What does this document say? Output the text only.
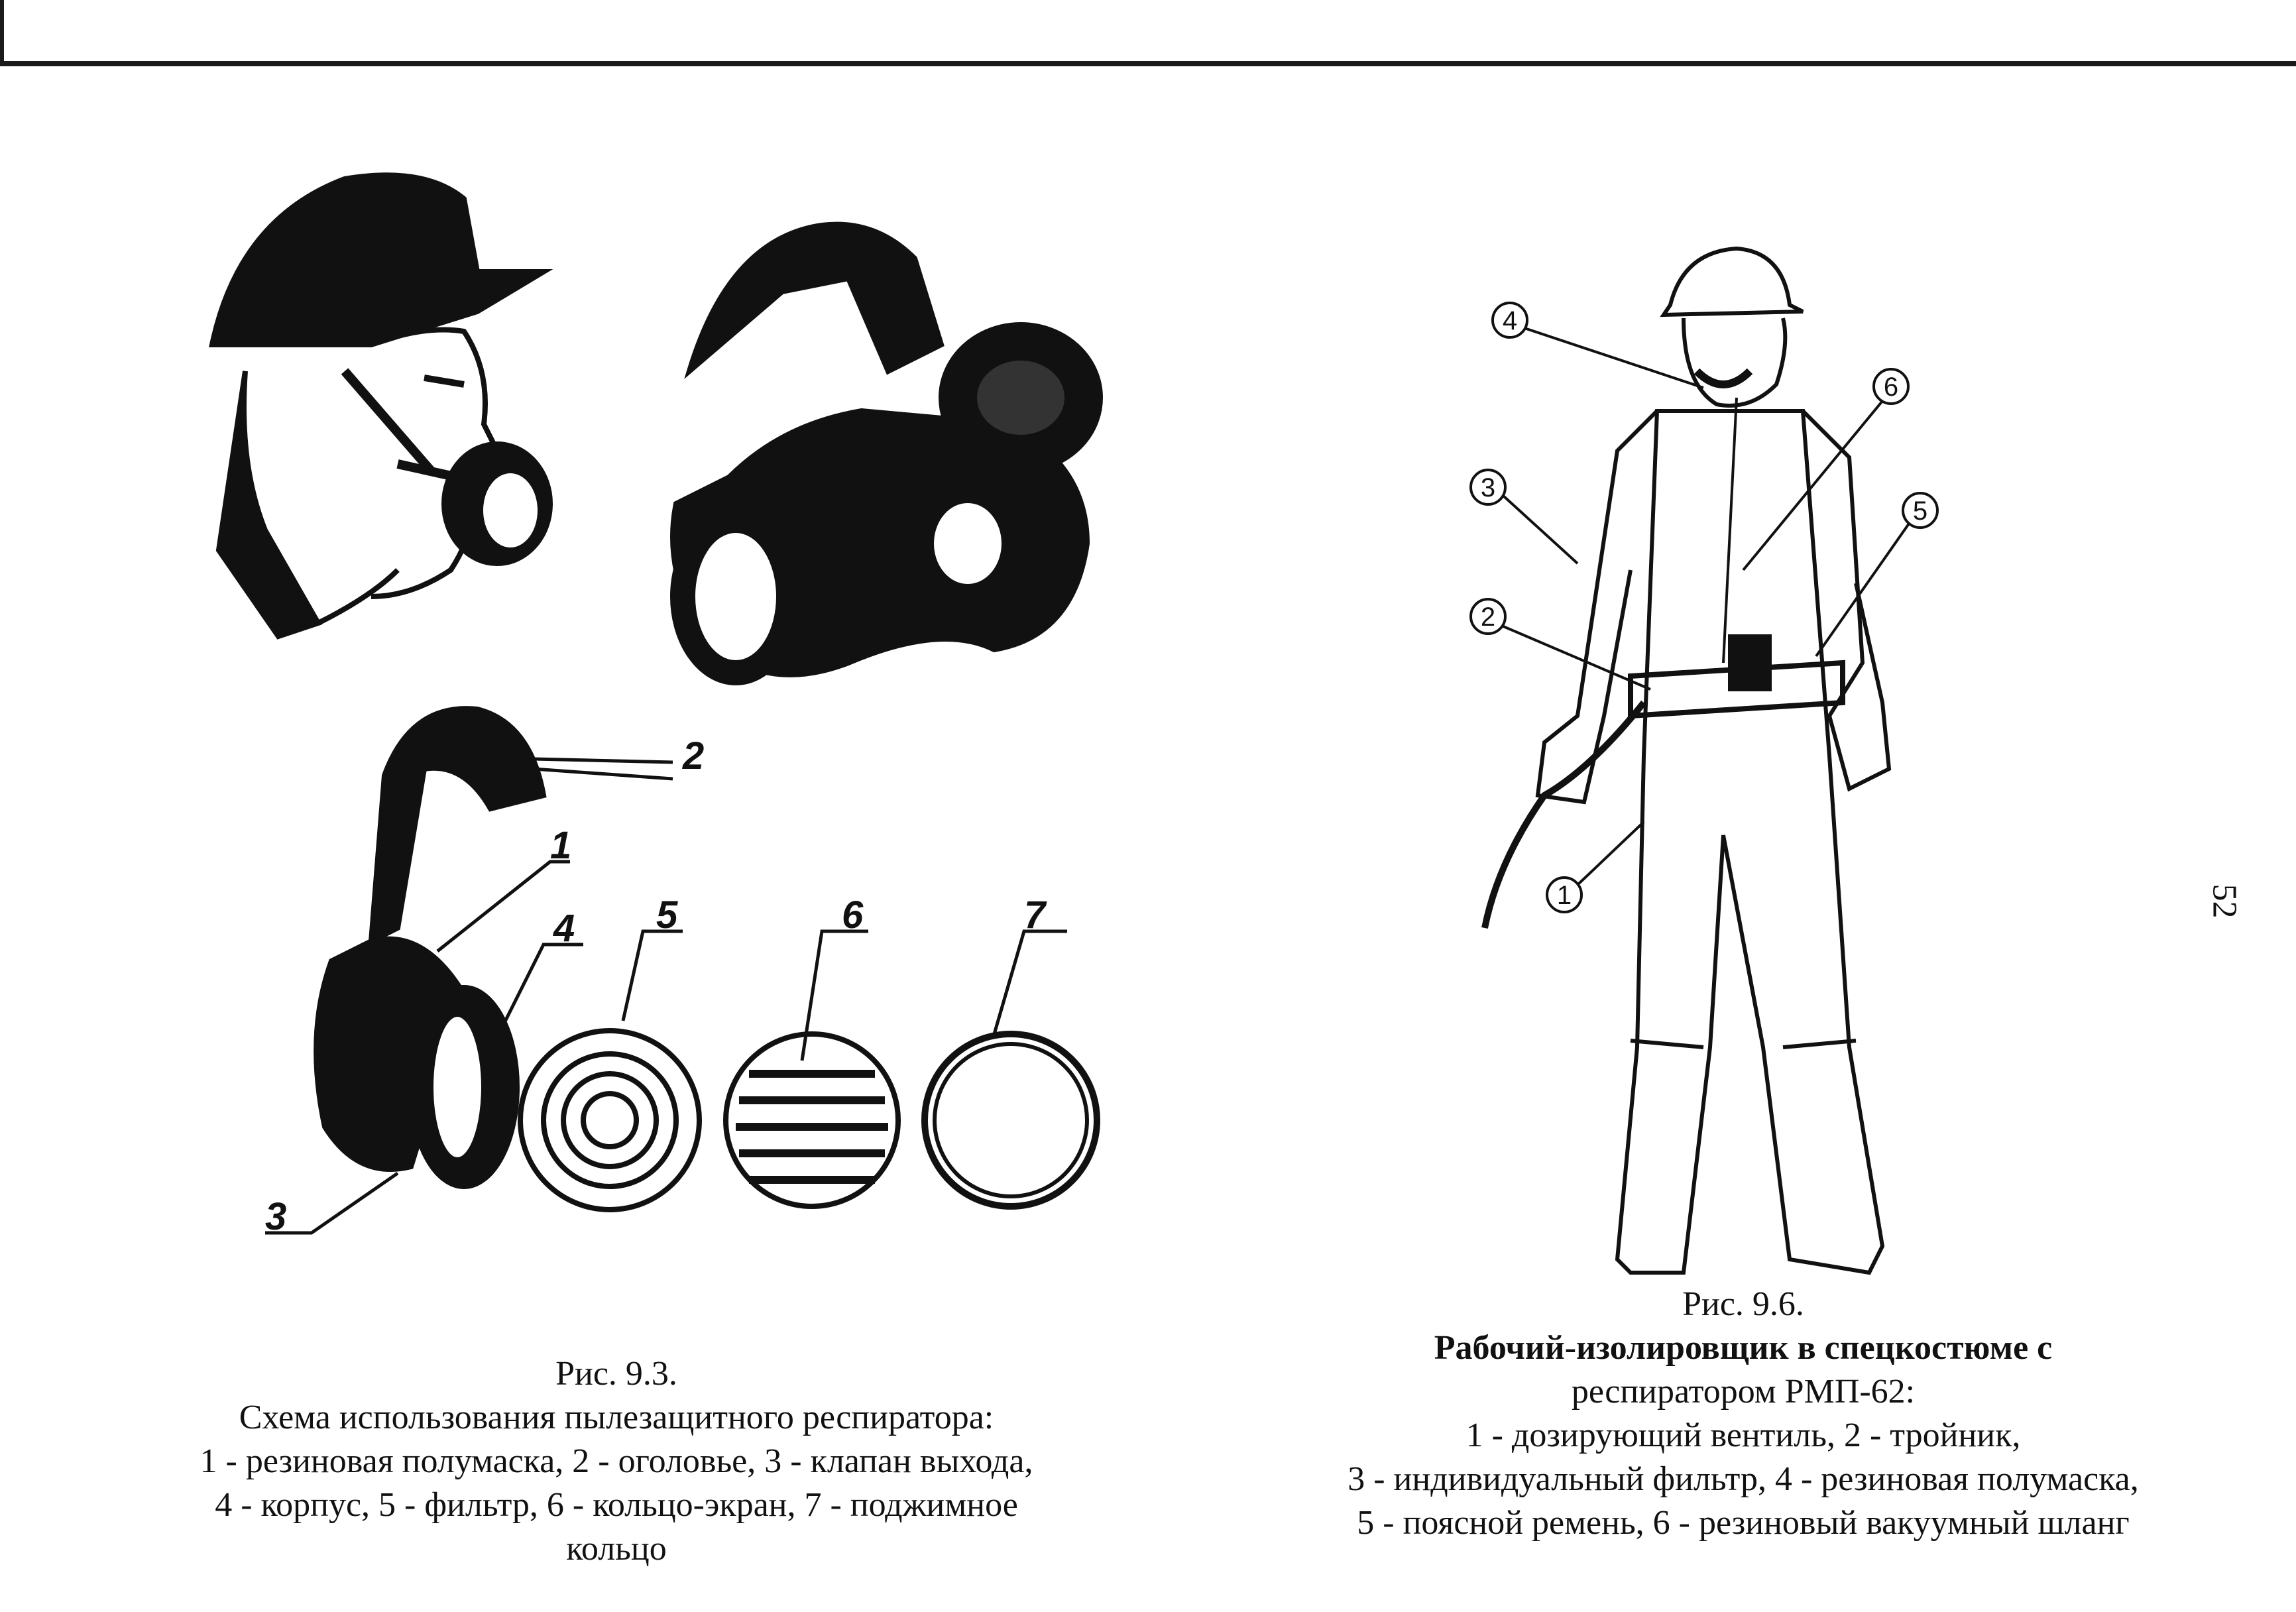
2
1
4 5	6	7
3
4
6
3
5
2
1
Рис. 9.3.
Схема использования пылезащитного респиратора:
1 - резиновая полумаска, 2 - оголовье, 3 - клапан выхода,
4 - корпус, 5 - фильтр, 6 - кольцо-экран, 7 - поджимное
кольцо
Рис. 9.6.
Рабочий-изолировщик в спецкостюме с
респиратором РМП-62:
1 - дозирующий вентиль, 2 - тройник,
3 - индивидуальный фильтр, 4 - резиновая полумаска,
5 - поясной ремень, 6 - резиновый вакуумный шланг
52
